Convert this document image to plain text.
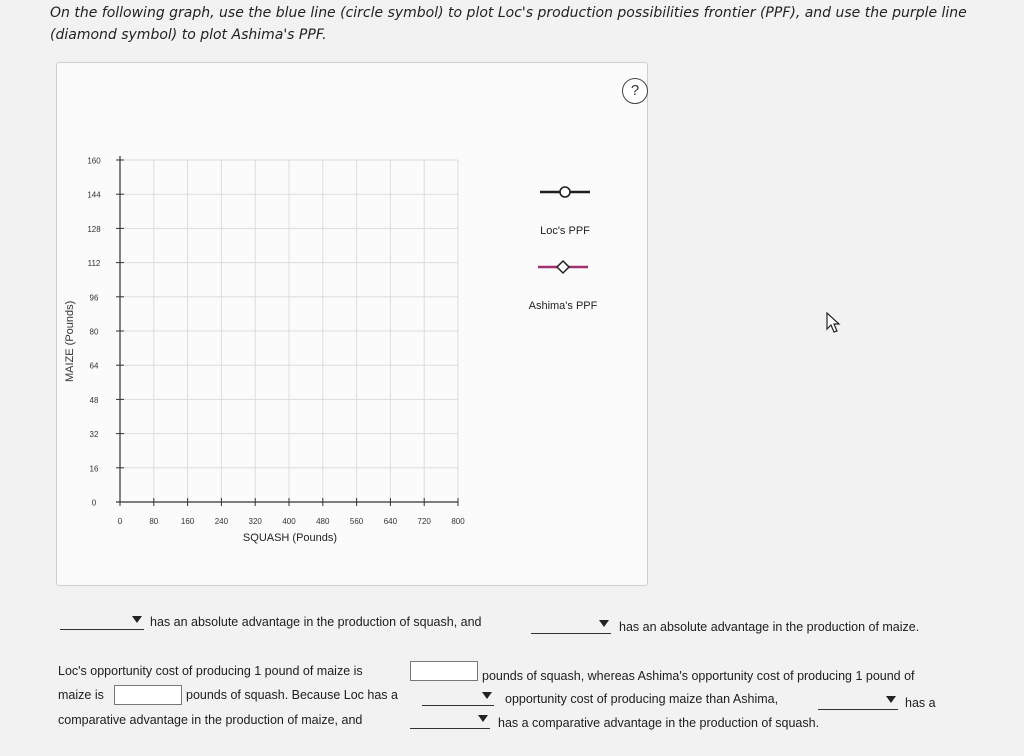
On the following graph, use the blue line (circle symbol) to plot Loc's production possibilities frontier (PPF), and use the purple line (diamond symbol) to plot Ashima's PPF.
?
160
144
128
112
96
80
64
48
32
16
0
0	80	160	240	320	400	480	560	640	720	800
MAIZE (Pounds)
SQUASH (Pounds)
Loc's PPF
Ashima's PPF
has an absolute advantage in the production of squash, and	has an absolute advantage in the production of maize.
Loc's opportunity cost of producing 1 pound of maize is	pounds of squash, whereas Ashima's opportunity cost of producing 1 pound of
maize is	pounds of squash. Because Loc has a	opportunity cost of producing maize than Ashima,	has a
comparative advantage in the production of maize, and	has a comparative advantage in the production of squash.
